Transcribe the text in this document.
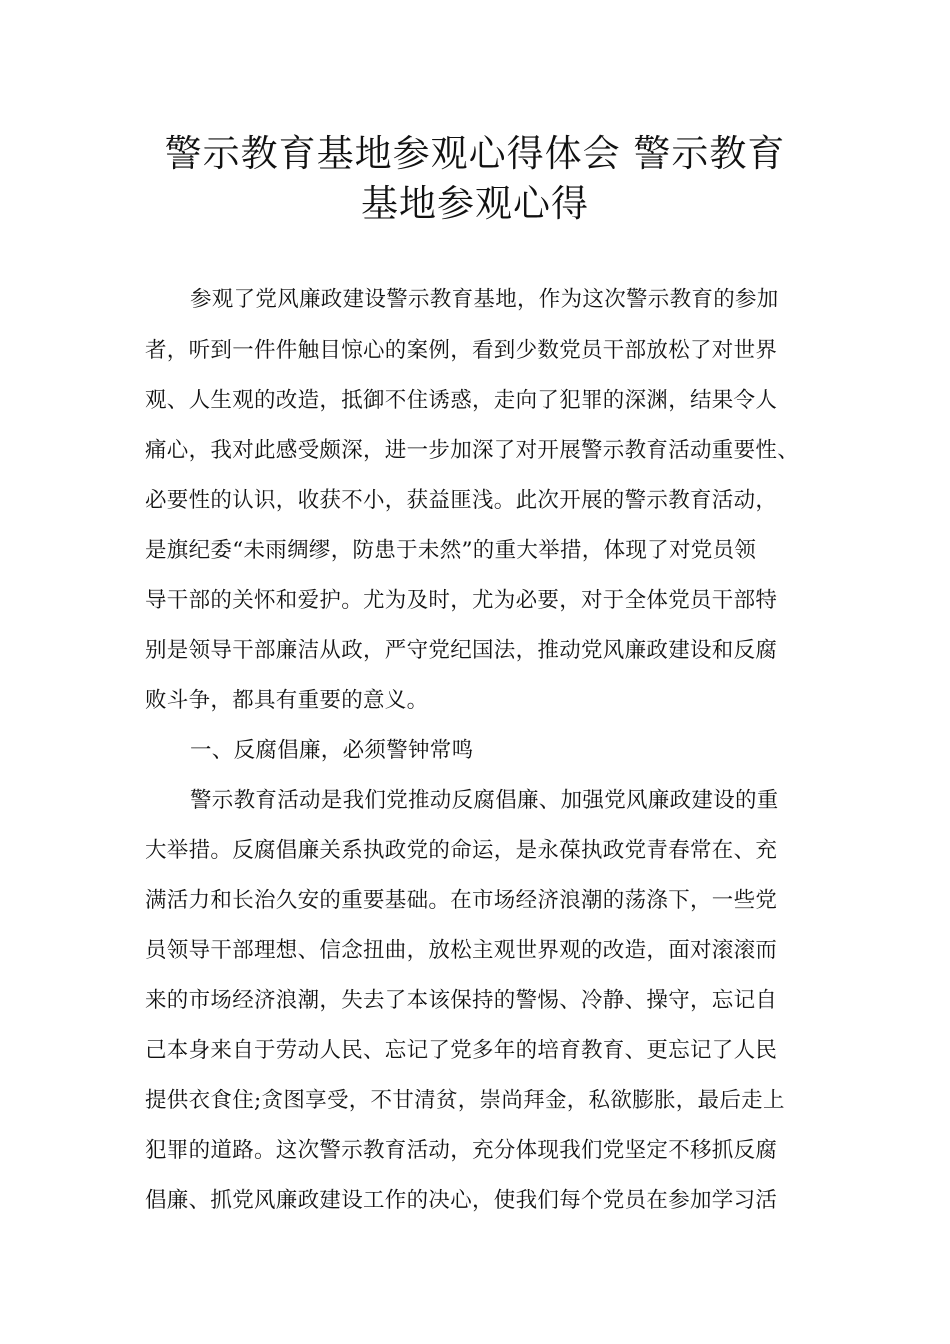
警示教育基地参观心得体会 警示教育
基地参观心得

参观了党风廉政建设警示教育基地，作为这次警示教育的参加

者，听到一件件触目惊心的案例，看到少数党员干部放松了对世界

观、人生观的改造，抵御不住诱惑，走向了犯罪的深渊，结果令人

痛心，我对此感受颇深，进一步加深了对开展警示教育活动重要性、

必要性的认识，收获不小，获益匪浅。此次开展的警示教育活动，

是旗纪委“未雨绸缪，防患于未然”的重大举措，体现了对党员领

导干部的关怀和爱护。尤为及时，尤为必要，对于全体党员干部特

别是领导干部廉洁从政，严守党纪国法，推动党风廉政建设和反腐

败斗争，都具有重要的意义。

一、反腐倡廉，必须警钟常鸣

警示教育活动是我们党推动反腐倡廉、加强党风廉政建设的重

大举措。反腐倡廉关系执政党的命运，是永葆执政党青春常在、充

满活力和长治久安的重要基础。在市场经济浪潮的荡涤下，一些党

员领导干部理想、信念扭曲，放松主观世界观的改造，面对滚滚而

来的市场经济浪潮，失去了本该保持的警惕、冷静、操守，忘记自

己本身来自于劳动人民、忘记了党多年的培育教育、更忘记了人民

提供衣食住;贪图享受，不甘清贫，崇尚拜金，私欲膨胀，最后走上

犯罪的道路。这次警示教育活动，充分体现我们党坚定不移抓反腐

倡廉、抓党风廉政建设工作的决心，使我们每个党员在参加学习活
